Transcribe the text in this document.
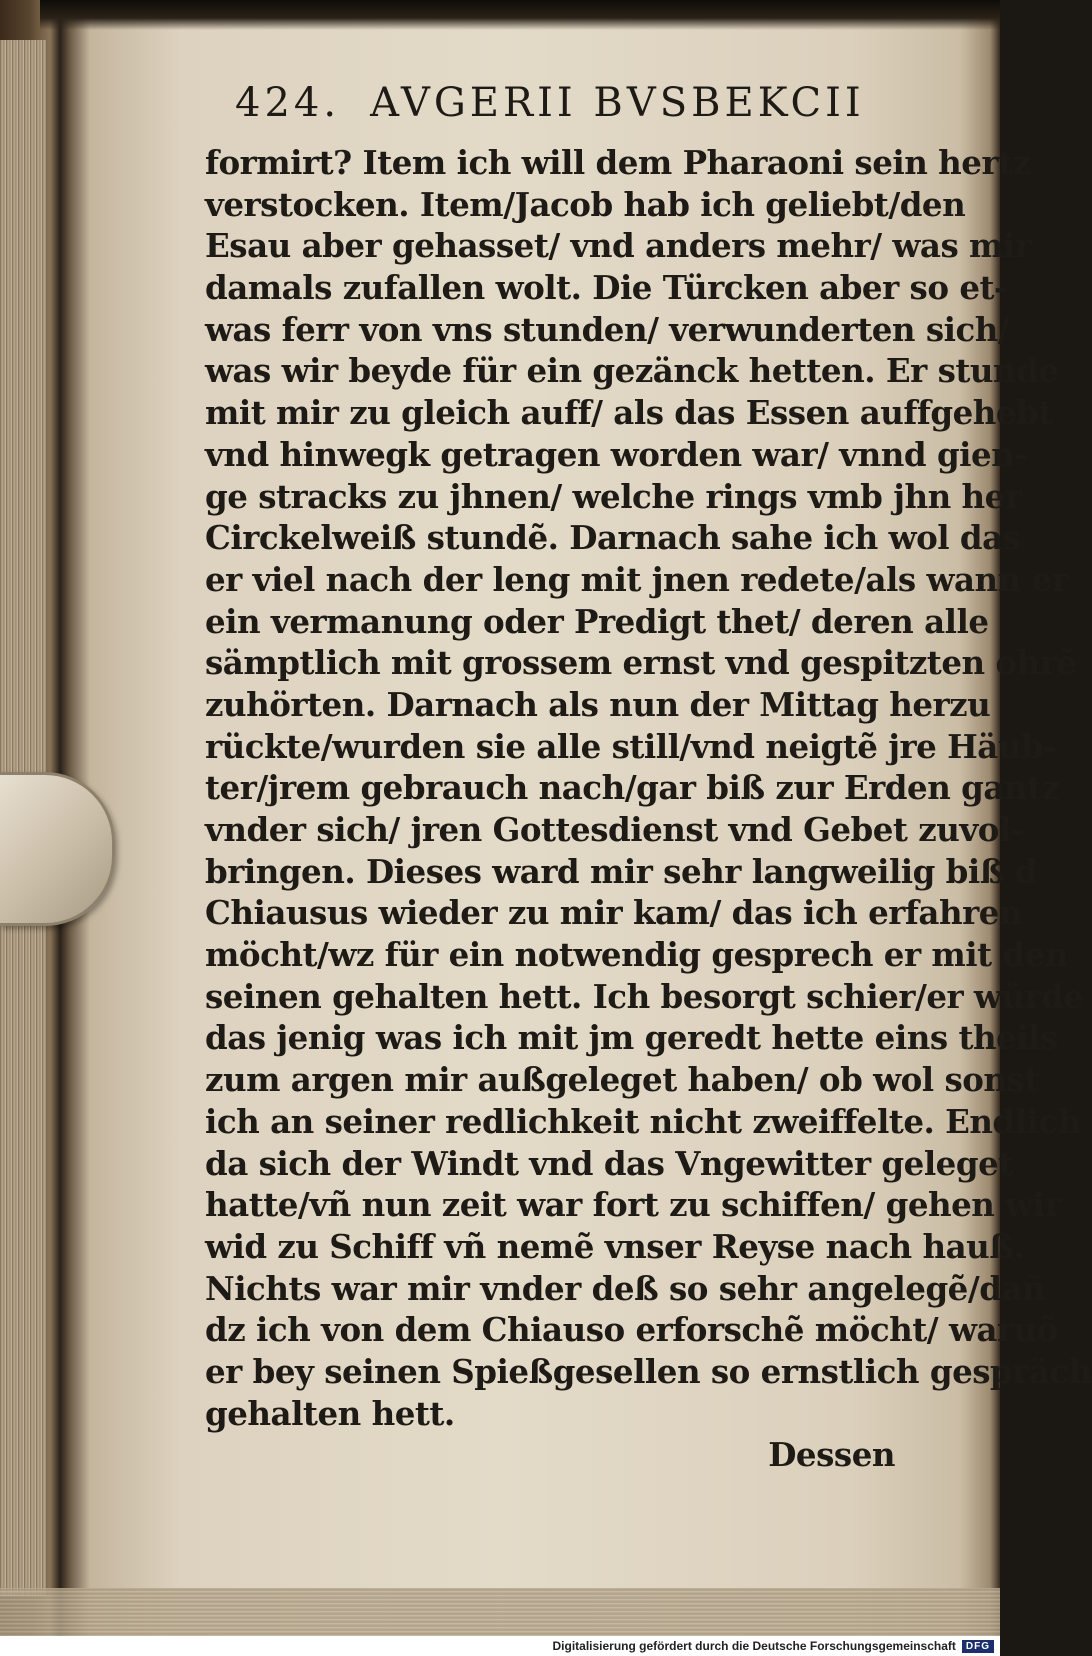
424. AVGERII BVSBEKCII
formirt? Item ich will dem Pharaoni sein hertz
verstocken. Item/Jacob hab ich geliebt/den
Esau aber gehasset/ vnd anders mehr/ was mir
damals zufallen wolt. Die Türcken aber so et-
was ferr von vns stunden/ verwunderten sich/
was wir beyde für ein gezänck hetten. Er stunde
mit mir zu gleich auff/ als das Essen auffgehebt
vnd hinwegk getragen worden war/ vnnd gien-
ge stracks zu jhnen/ welche rings vmb jhn her
Circkelweiß stundẽ. Darnach sahe ich wol das
er viel nach der leng mit jnen redete/als wann er
ein vermanung oder Predigt thet/ deren alle
sämptlich mit grossem ernst vnd gespitzten ohrẽ
zuhörten. Darnach als nun der Mittag herzu
rückte/wurden sie alle still/vnd neigtẽ jre Häub-
ter/jrem gebrauch nach/gar biß zur Erden gantz
vnder sich/ jren Gottesdienst vnd Gebet zuvol-
bringen. Dieses ward mir sehr langweilig biß d
Chiausus wieder zu mir kam/ das ich erfahren
möcht/wz für ein notwendig gesprech er mit den
seinen gehalten hett. Ich besorgt schier/er würde
das jenig was ich mit jm geredt hette eins theils
zum argen mir außgeleget haben/ ob wol sonst
ich an seiner redlichkeit nicht zweiffelte. Endlich
da sich der Windt vnd das Vngewitter geleget
hatte/vñ nun zeit war fort zu schiffen/ gehen wir
wid zu Schiff vñ nemẽ vnser Reyse nach hauß.
Nichts war mir vnder deß so sehr angelegẽ/dañ
dz ich von dem Chiauso erforschẽ möcht/ waruõ
er bey seinen Spießgesellen so ernstlich gespräch
gehalten hett.
Dessen
Digitalisierung gefördert durch die Deutsche Forschungsgemeinschaft	DFG
